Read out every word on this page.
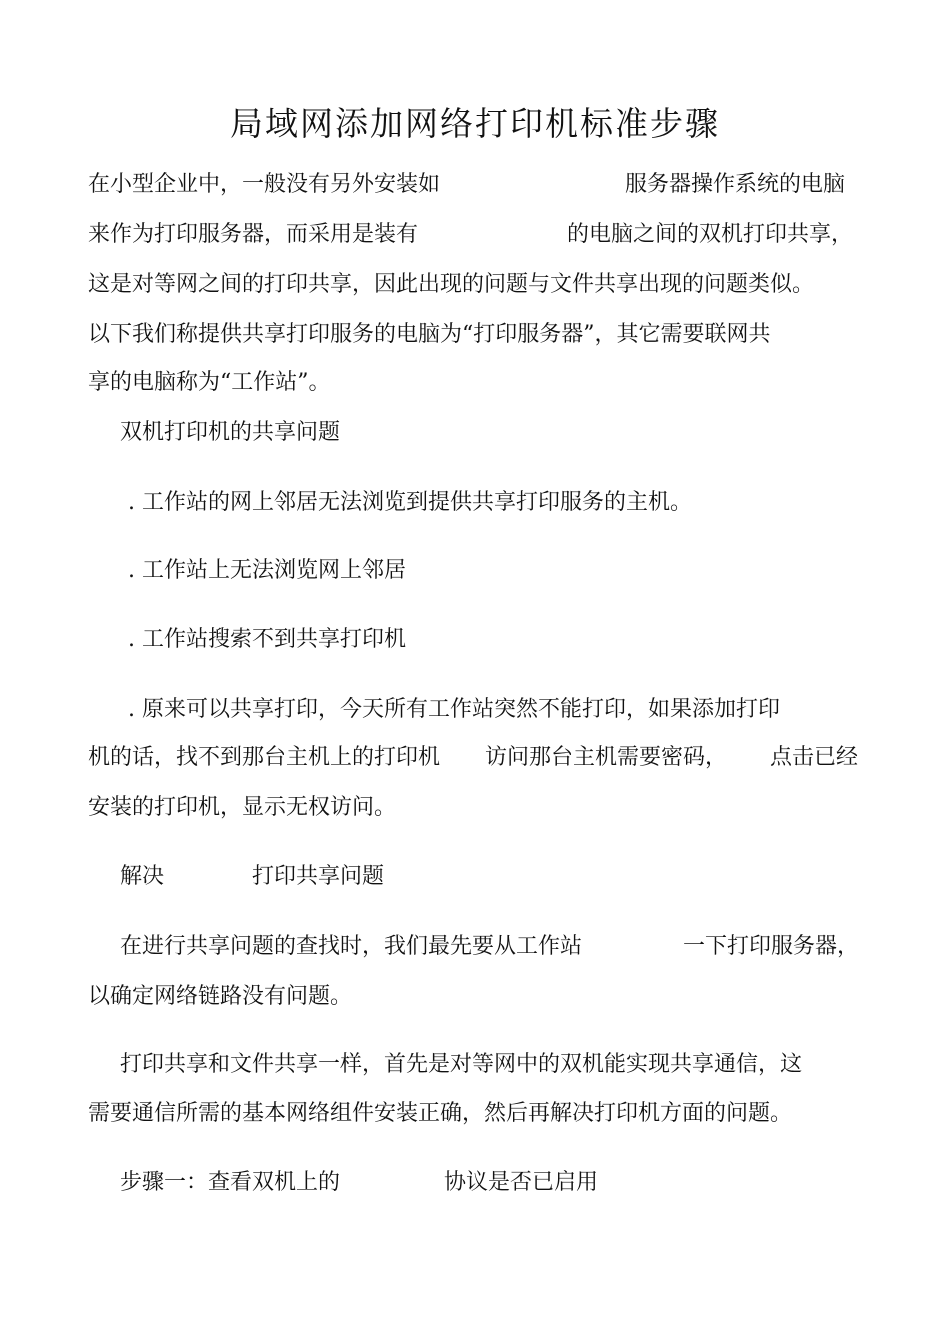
局域网添加网络打印机标准步骤
在小型企业中，一般没有另外安装如	服务器操作系统的电脑
来作为打印服务器，而采用是装有	的电脑之间的双机打印共享，
这是对等网之间的打印共享，因此出现的问题与文件共享出现的问题类似。
以下我们称提供共享打印服务的电脑为“打印服务器”，其它需要联网共
享的电脑称为“工作站”。
双机打印机的共享问题
. 工作站的网上邻居无法浏览到提供共享打印服务的主机。
. 工作站上无法浏览网上邻居
. 工作站搜索不到共享打印机
. 原来可以共享打印，今天所有工作站突然不能打印，如果添加打印
机的话，找不到那台主机上的打印机 访问那台主机需要密码， 点击已经
安装的打印机，显示无权访问。
解决	打印共享问题
在进行共享问题的查找时，我们最先要从工作站	一下打印服务器，
以确定网络链路没有问题。
打印共享和文件共享一样，首先是对等网中的双机能实现共享通信，这
需要通信所需的基本网络组件安装正确，然后再解决打印机方面的问题。
步骤一：查看双机上的	协议是否已启用
